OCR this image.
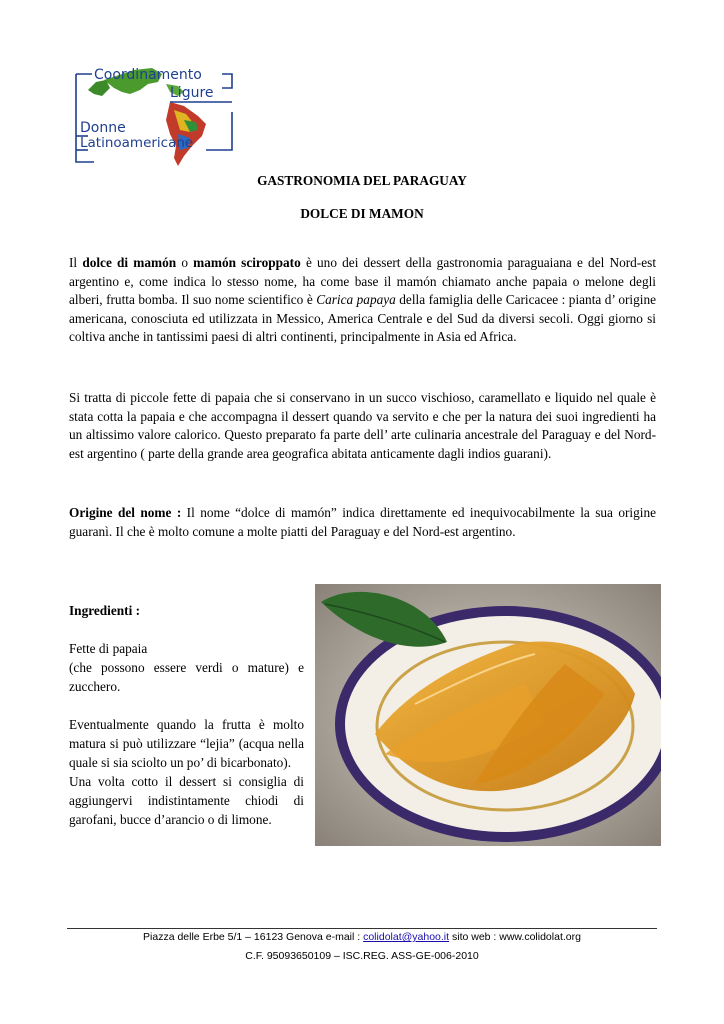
Coordinamento
Ligure
Donne
Latinoamericane
GASTRONOMIA DEL PARAGUAY
DOLCE DI MAMON
Il dolce di mamón o mamón sciroppato è uno dei dessert della gastronomia paraguaiana e del Nord-est argentino e, come indica lo stesso nome, ha come base il mamón chiamato anche papaia o melone degli alberi, frutta bomba. Il suo nome scientifico è Carica papaya della famiglia delle Caricacee : pianta d’ origine americana, conosciuta ed utilizzata in Messico, America Centrale e del Sud da diversi secoli. Oggi giorno si coltiva anche in tantissimi paesi di altri continenti, principalmente in Asia ed Africa.
Si tratta di piccole fette di papaia che si conservano in un succo vischioso, caramellato e liquido nel quale è stata cotta la papaia e che accompagna il dessert quando va servito e che per la natura dei suoi ingredienti ha un altissimo valore calorico. Questo preparato fa parte dell’ arte culinaria ancestrale del Paraguay e del Nord-est argentino ( parte della grande area geografica abitata anticamente dagli indios guarani).
Origine del nome : Il nome “dolce di mamón” indica direttamente ed inequivocabilmente la sua origine guaranì. Il che è molto comune a molte piatti del Paraguay e del Nord-est argentino.
Ingredienti :
Fette di papaia
(che possono essere verdi o mature) e zucchero.
Eventualmente quando la frutta è molto matura si può utilizzare “lejia” (acqua nella quale si sia sciolto un po’ di bicarbonato).
Una volta cotto il dessert si consiglia di aggiungervi indistintamente chiodi di garofani, bucce d’arancio o di limone.
Piazza delle Erbe 5/1 – 16123 Genova e-mail : colidolat@yahoo.it sito web : www.colidolat.org
C.F. 95093650109 – ISC.REG. ASS-GE-006-2010
